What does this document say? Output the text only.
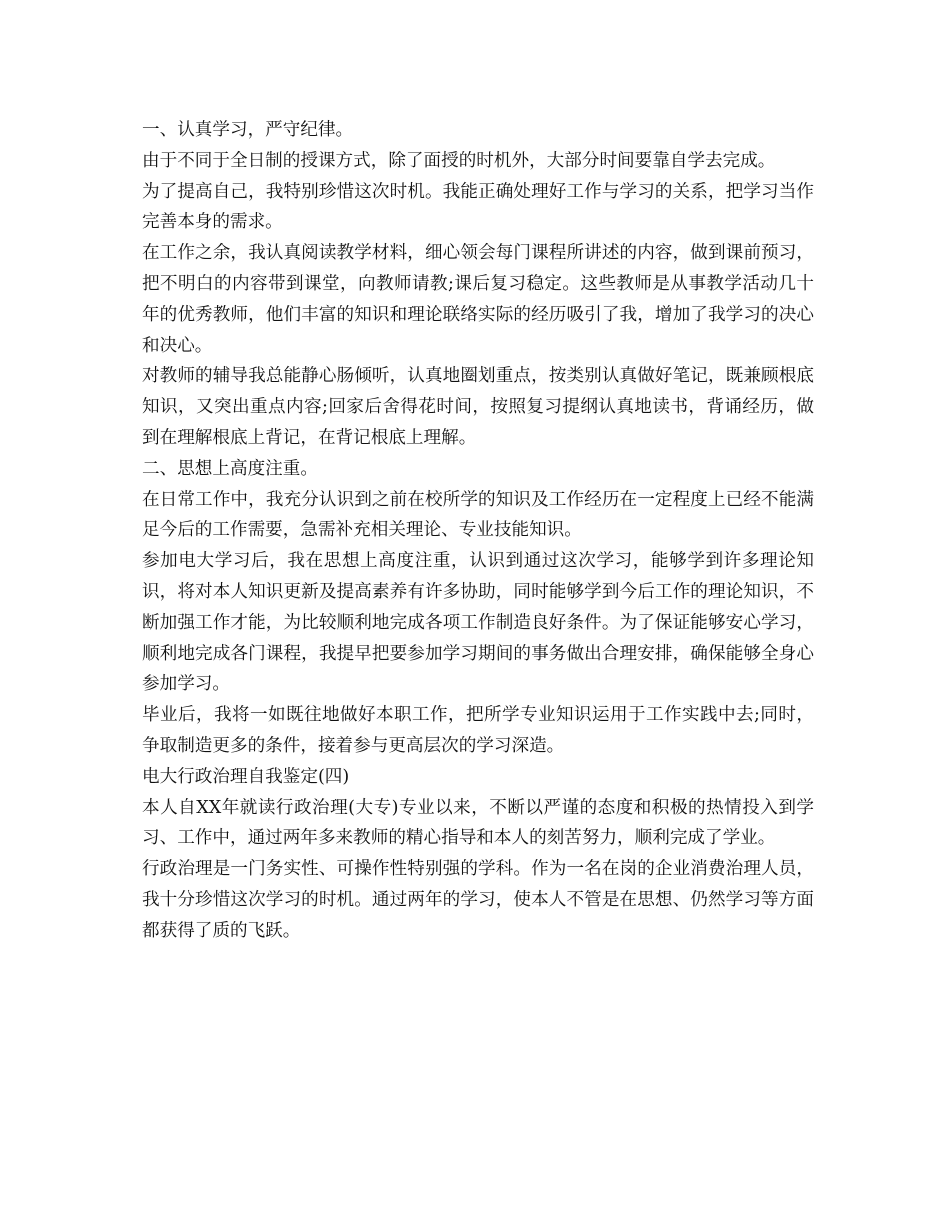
一、认真学习，严守纪律。

由于不同于全日制的授课方式，除了面授的时机外，大部分时间要靠自学去完成。

为了提高自己，我特别珍惜这次时机。我能正确处理好工作与学习的关系，把学习当作完善本身的需求。

在工作之余，我认真阅读教学材料，细心领会每门课程所讲述的内容，做到课前预习，把不明白的内容带到课堂，向教师请教;课后复习稳定。这些教师是从事教学活动几十年的优秀教师，他们丰富的知识和理论联络实际的经历吸引了我，增加了我学习的决心和决心。

对教师的辅导我总能静心肠倾听，认真地圈划重点，按类别认真做好笔记，既兼顾根底知识，又突出重点内容;回家后舍得花时间，按照复习提纲认真地读书，背诵经历，做到在理解根底上背记，在背记根底上理解。

二、思想上高度注重。

在日常工作中，我充分认识到之前在校所学的知识及工作经历在一定程度上已经不能满足今后的工作需要，急需补充相关理论、专业技能知识。

参加电大学习后，我在思想上高度注重，认识到通过这次学习，能够学到许多理论知识，将对本人知识更新及提高素养有许多协助，同时能够学到今后工作的理论知识，不断加强工作才能，为比较顺利地完成各项工作制造良好条件。为了保证能够安心学习，顺利地完成各门课程，我提早把要参加学习期间的事务做出合理安排，确保能够全身心参加学习。

毕业后，我将一如既往地做好本职工作，把所学专业知识运用于工作实践中去;同时，争取制造更多的条件，接着参与更高层次的学习深造。

电大行政治理自我鉴定(四)

本人自XX年就读行政治理(大专)专业以来，不断以严谨的态度和积极的热情投入到学习、工作中，通过两年多来教师的精心指导和本人的刻苦努力，顺利完成了学业。

行政治理是一门务实性、可操作性特别强的学科。作为一名在岗的企业消费治理人员，我十分珍惜这次学习的时机。通过两年的学习，使本人不管是在思想、仍然学习等方面都获得了质的飞跃。
